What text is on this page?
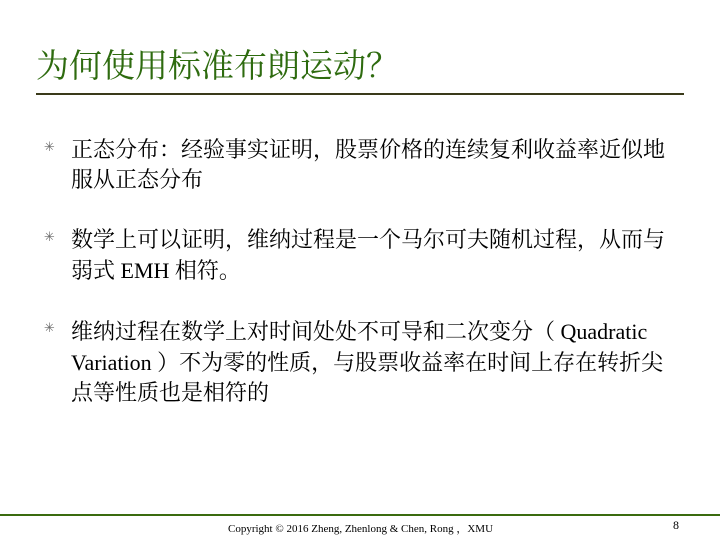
为何使用标准布朗运动？
✳ 正态分布：经验事实证明，股票价格的连续复利收益率近似地服从正态分布
✳ 数学上可以证明，维纳过程是一个马尔可夫随机过程，从而与弱式 EMH 相符。
✳ 维纳过程在数学上对时间处处不可导和二次变分（ Quadratic Variation ）不为零的性质，与股票收益率在时间上存在转折尖点等性质也是相符的
Copyright © 2016 Zheng, Zhenlong & Chen, Rong ，XMU	8
